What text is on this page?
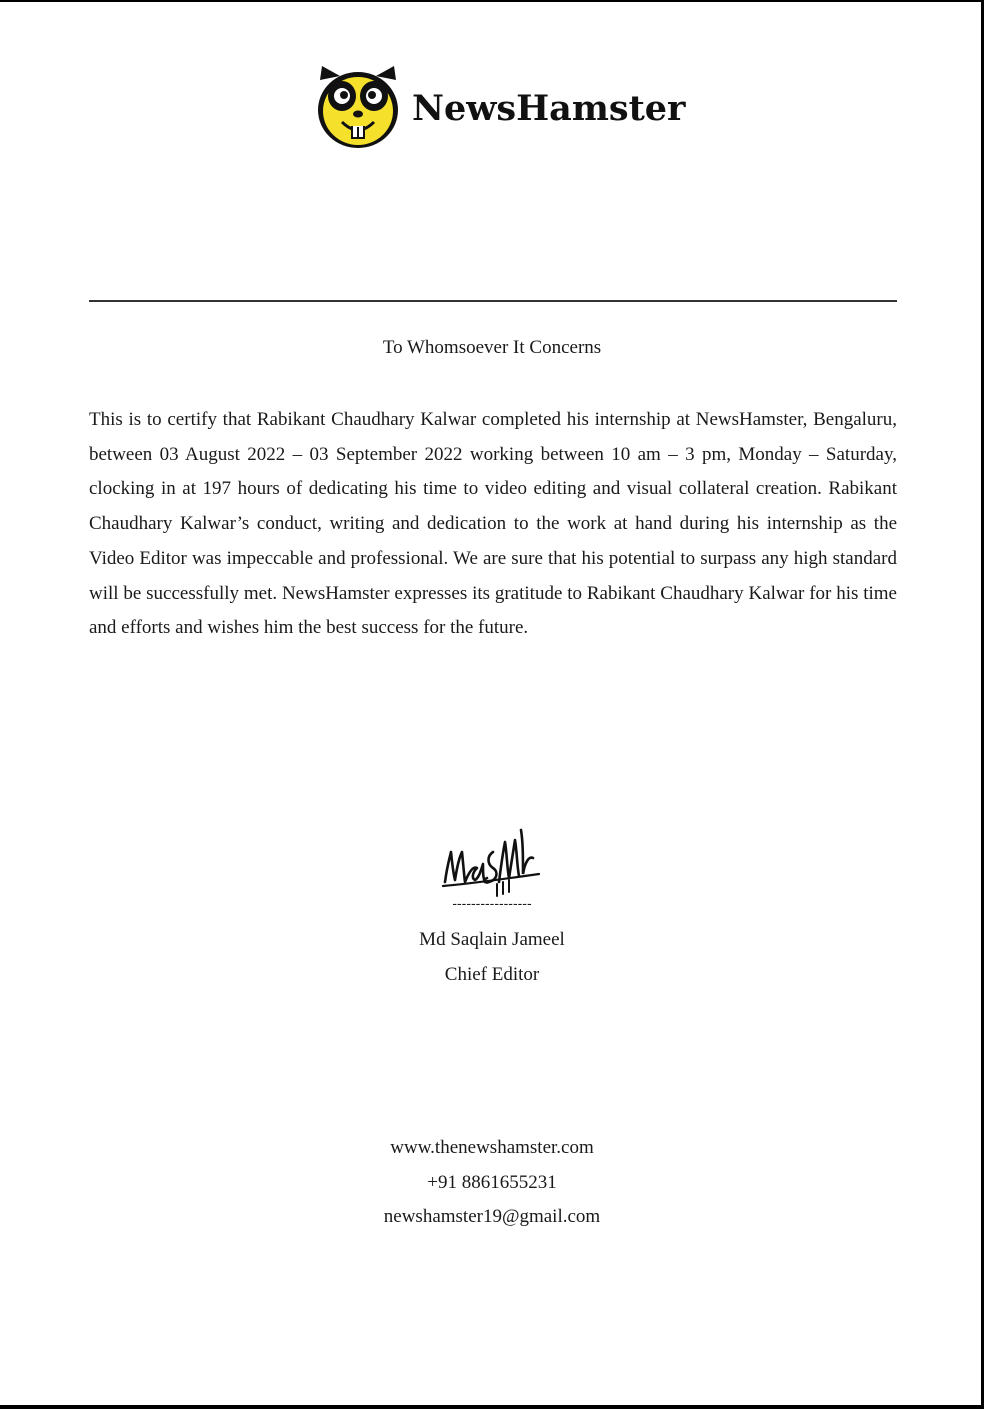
NewsHamster
To Whomsoever It Concerns

This is to certify that Rabikant Chaudhary Kalwar completed his internship at NewsHamster, Bengaluru, between 03 August 2022 – 03 September 2022 working between 10 am – 3 pm, Monday – Saturday, clocking in at 197 hours of dedicating his time to video editing and visual collateral creation. Rabikant Chaudhary Kalwar’s conduct, writing and dedication to the work at hand during his internship as the Video Editor was impeccable and professional. We are sure that his potential to surpass any high standard will be successfully met. NewsHamster expresses its gratitude to Rabikant Chaudhary Kalwar for his time and efforts and wishes him the best success for the future.

-----------------
Md Saqlain Jameel
Chief Editor
www.thenewshamster.com
+91 8861655231
newshamster19@gmail.com
